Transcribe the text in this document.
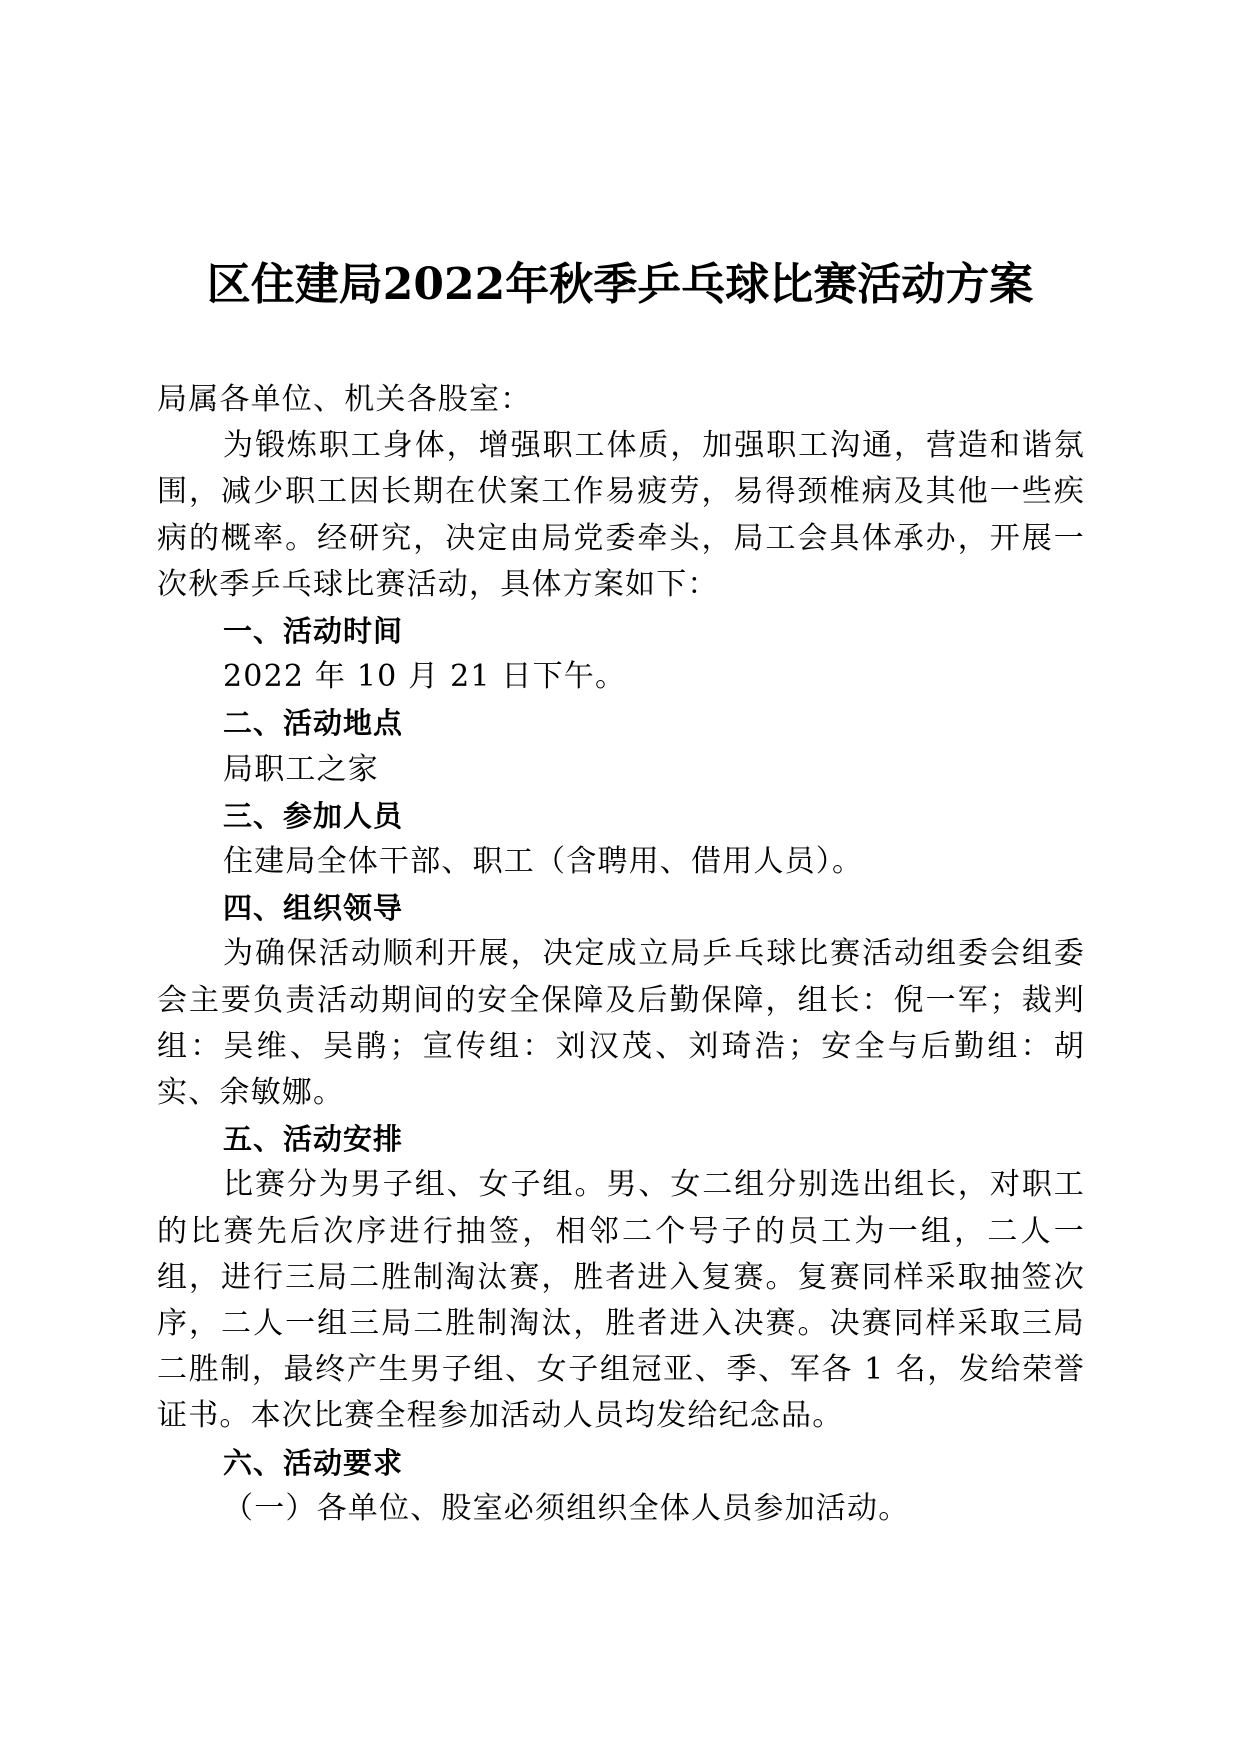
区住建局2022年秋季乒乓球比赛活动方案

局属各单位、机关各股室：

为锻炼职工身体，增强职工体质，加强职工沟通，营造和谐氛围，减少职工因长期在伏案工作易疲劳，易得颈椎病及其他一些疾病的概率。经研究，决定由局党委牵头，局工会具体承办，开展一次秋季乒乓球比赛活动，具体方案如下：

一、活动时间

2022 年 10 月 21 日下午。

二、活动地点

局职工之家

三、参加人员

住建局全体干部、职工（含聘用、借用人员）。

四、组织领导

为确保活动顺利开展，决定成立局乒乓球比赛活动组委会组委会主要负责活动期间的安全保障及后勤保障，组长：倪一军；裁判组：吴维、吴鹃；宣传组：刘汉茂、刘琦浩；安全与后勤组：胡实、余敏娜。

五、活动安排

比赛分为男子组、女子组。男、女二组分别选出组长，对职工的比赛先后次序进行抽签，相邻二个号子的员工为一组，二人一组，进行三局二胜制淘汰赛，胜者进入复赛。复赛同样采取抽签次序，二人一组三局二胜制淘汰，胜者进入决赛。决赛同样采取三局二胜制，最终产生男子组、女子组冠亚、季、军各 1 名，发给荣誉证书。本次比赛全程参加活动人员均发给纪念品。

六、活动要求

（一）各单位、股室必须组织全体人员参加活动。
